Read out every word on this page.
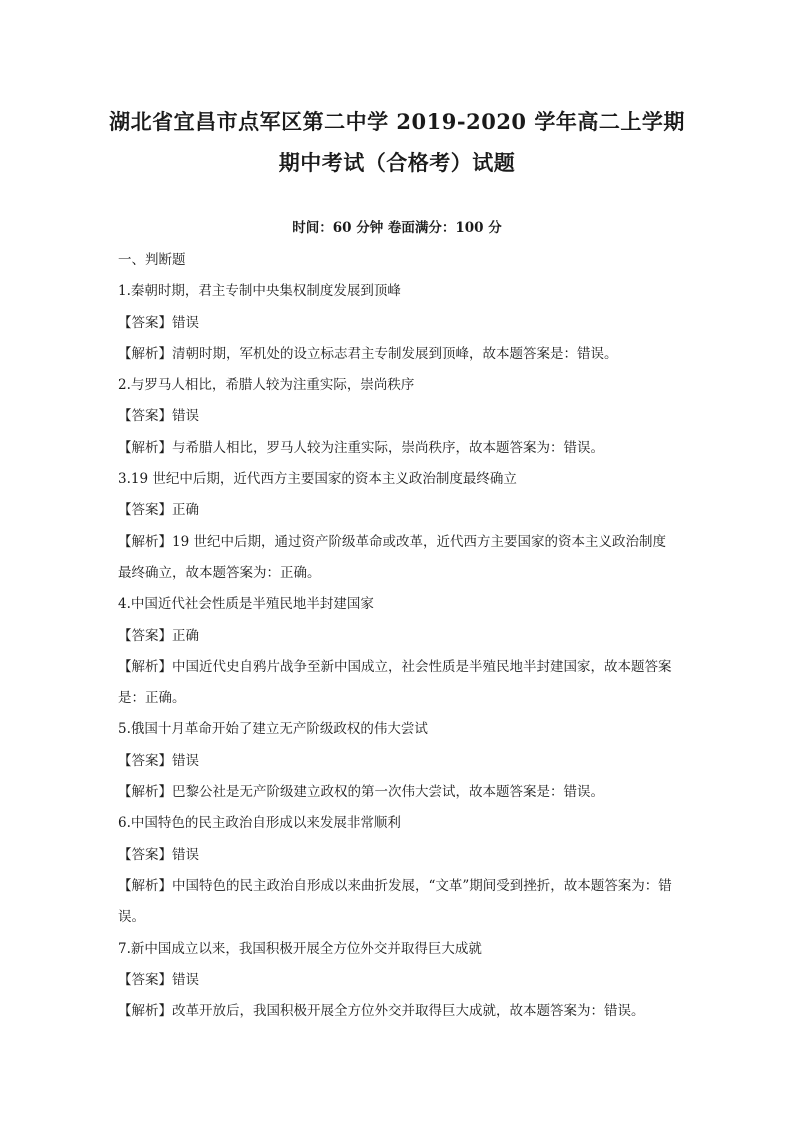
湖北省宜昌市点军区第二中学 2019-2020 学年高二上学期
期中考试（合格考）试题
时间：60 分钟 卷面满分：100 分

一、判断题

1.秦朝时期，君主专制中央集权制度发展到顶峰

【答案】错误

【解析】清朝时期，军机处的设立标志君主专制发展到顶峰，故本题答案是：错误。

2.与罗马人相比，希腊人较为注重实际，崇尚秩序

【答案】错误

【解析】与希腊人相比，罗马人较为注重实际，崇尚秩序，故本题答案为：错误。

3.19 世纪中后期，近代西方主要国家的资本主义政治制度最终确立

【答案】正确

【解析】19 世纪中后期，通过资产阶级革命或改革，近代西方主要国家的资本主义政治制度最终确立，故本题答案为：正确。

4.中国近代社会性质是半殖民地半封建国家

【答案】正确

【解析】中国近代史自鸦片战争至新中国成立，社会性质是半殖民地半封建国家，故本题答案是：正确。

5.俄国十月革命开始了建立无产阶级政权的伟大尝试

【答案】错误

【解析】巴黎公社是无产阶级建立政权的第一次伟大尝试，故本题答案是：错误。

6.中国特色的民主政治自形成以来发展非常顺利

【答案】错误

【解析】中国特色的民主政治自形成以来曲折发展，“文革”期间受到挫折，故本题答案为：错误。

7.新中国成立以来，我国积极开展全方位外交并取得巨大成就

【答案】错误

【解析】改革开放后，我国积极开展全方位外交并取得巨大成就，故本题答案为：错误。
